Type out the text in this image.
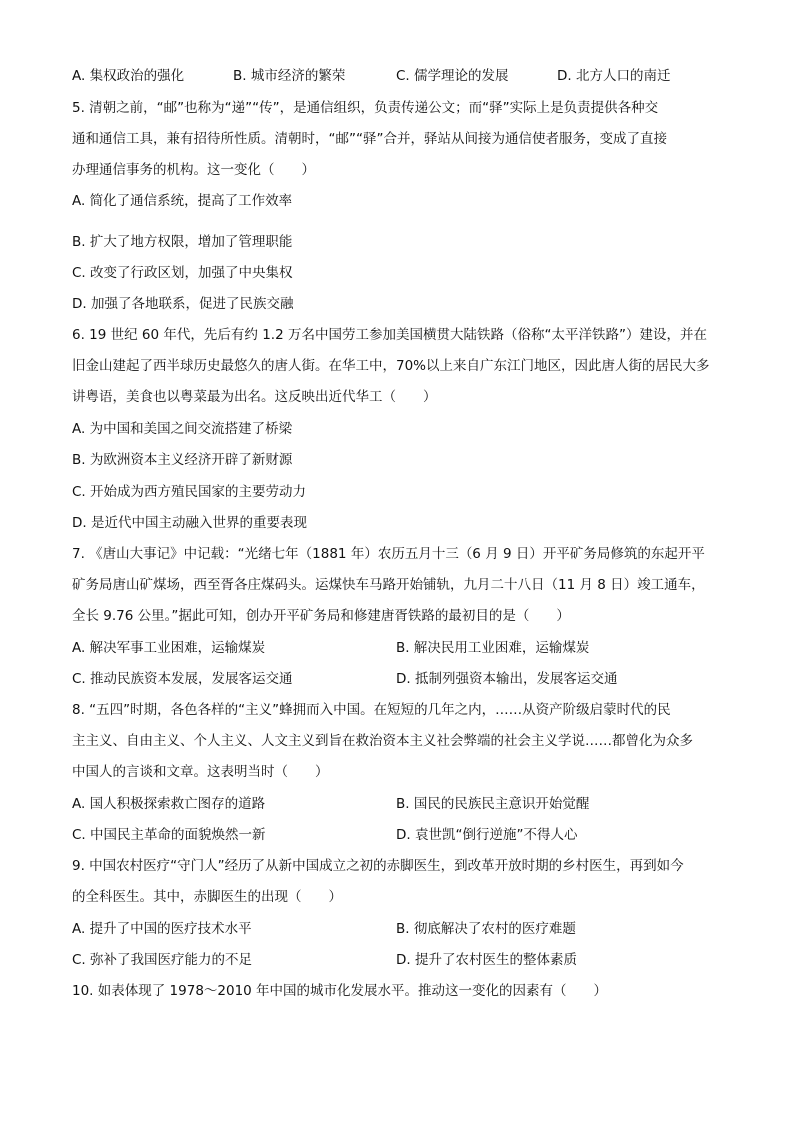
A. 集权政治的强化	B. 城市经济的繁荣	C. 儒学理论的发展	D. 北方人口的南迁
5. 清朝之前，“邮”也称为“递”“传”，是通信组织，负责传递公文；而“驿”实际上是负责提供各种交
通和通信工具，兼有招待所性质。清朝时，“邮”“驿”合并，驿站从间接为通信使者服务，变成了直接
办理通信事务的机构。这一变化（　　）
A. 简化了通信系统，提高了工作效率
B. 扩大了地方权限，增加了管理职能
C. 改变了行政区划，加强了中央集权
D. 加强了各地联系，促进了民族交融
6. 19 世纪 60 年代，先后有约 1.2 万名中国劳工参加美国横贯大陆铁路（俗称“太平洋铁路”）建设，并在
旧金山建起了西半球历史最悠久的唐人街。在华工中，70%以上来自广东江门地区，因此唐人街的居民大多
讲粤语，美食也以粤菜最为出名。这反映出近代华工（　　）
A. 为中国和美国之间交流搭建了桥梁
B. 为欧洲资本主义经济开辟了新财源
C. 开始成为西方殖民国家的主要劳动力
D. 是近代中国主动融入世界的重要表现
7. 《唐山大事记》中记载：“光绪七年（1881 年）农历五月十三（6 月 9 日）开平矿务局修筑的东起开平
矿务局唐山矿煤场，西至胥各庄煤码头。运煤快车马路开始铺轨，九月二十八日（11 月 8 日）竣工通车，
全长 9.76 公里。”据此可知，创办开平矿务局和修建唐胥铁路的最初目的是（　　）
A. 解决军事工业困难，运输煤炭	B. 解决民用工业困难，运输煤炭
C. 推动民族资本发展，发展客运交通	D. 抵制列强资本输出，发展客运交通
8. “五四”时期，各色各样的“主义”蜂拥而入中国。在短短的几年之内，……从资产阶级启蒙时代的民
主主义、自由主义、个人主义、人文主义到旨在救治资本主义社会弊端的社会主义学说……都曾化为众多
中国人的言谈和文章。这表明当时（　　）
A. 国人积极探索救亡图存的道路	B. 国民的民族民主意识开始觉醒
C. 中国民主革命的面貌焕然一新	D. 袁世凯“倒行逆施”不得人心
9. 中国农村医疗“守门人”经历了从新中国成立之初的赤脚医生，到改革开放时期的乡村医生，再到如今
的全科医生。其中，赤脚医生的出现（　　）
A. 提升了中国的医疗技术水平	B. 彻底解决了农村的医疗难题
C. 弥补了我国医疗能力的不足	D. 提升了农村医生的整体素质
10. 如表体现了 1978～2010 年中国的城市化发展水平。推动这一变化的因素有（　　）
